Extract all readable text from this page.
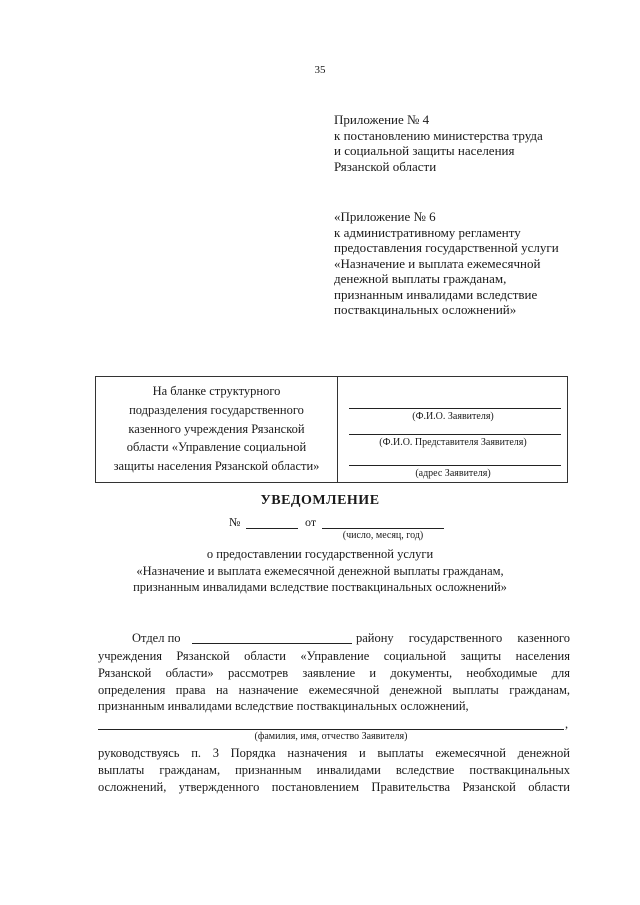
35
Приложение № 4
к постановлению министерства труда
и социальной защиты населения
Рязанской области
«Приложение № 6
к административному регламенту
предоставления государственной услуги
«Назначение и выплата ежемесячной
денежной выплаты гражданам,
признанным инвалидами вследствие
поствакцинальных осложнений»
На бланке структурного
подразделения государственного
казенного учреждения Рязанской
области «Управление социальной
защиты населения Рязанской области»
(Ф.И.О. Заявителя)
(Ф.И.О. Представителя Заявителя)
(адрес Заявителя)
УВЕДОМЛЕНИЕ
№	от
(число, месяц, год)
о предоставлении государственной услуги
«Назначение и выплата ежемесячной денежной выплаты гражданам,
признанным инвалидами вследствие поствакцинальных осложнений»
Отдел по	району государственного казенного
учреждения Рязанской области «Управление социальной защиты населения
Рязанской области» рассмотрев заявление и документы, необходимые для
определения права на назначение ежемесячной денежной выплаты гражданам,
признанным инвалидами вследствие поствакцинальных осложнений,
,
(фамилия, имя, отчество Заявителя)
руководствуясь п. 3 Порядка назначения и выплаты ежемесячной денежной
выплаты гражданам, признанным инвалидами вследствие поствакцинальных
осложнений, утвержденного постановлением Правительства Рязанской области
